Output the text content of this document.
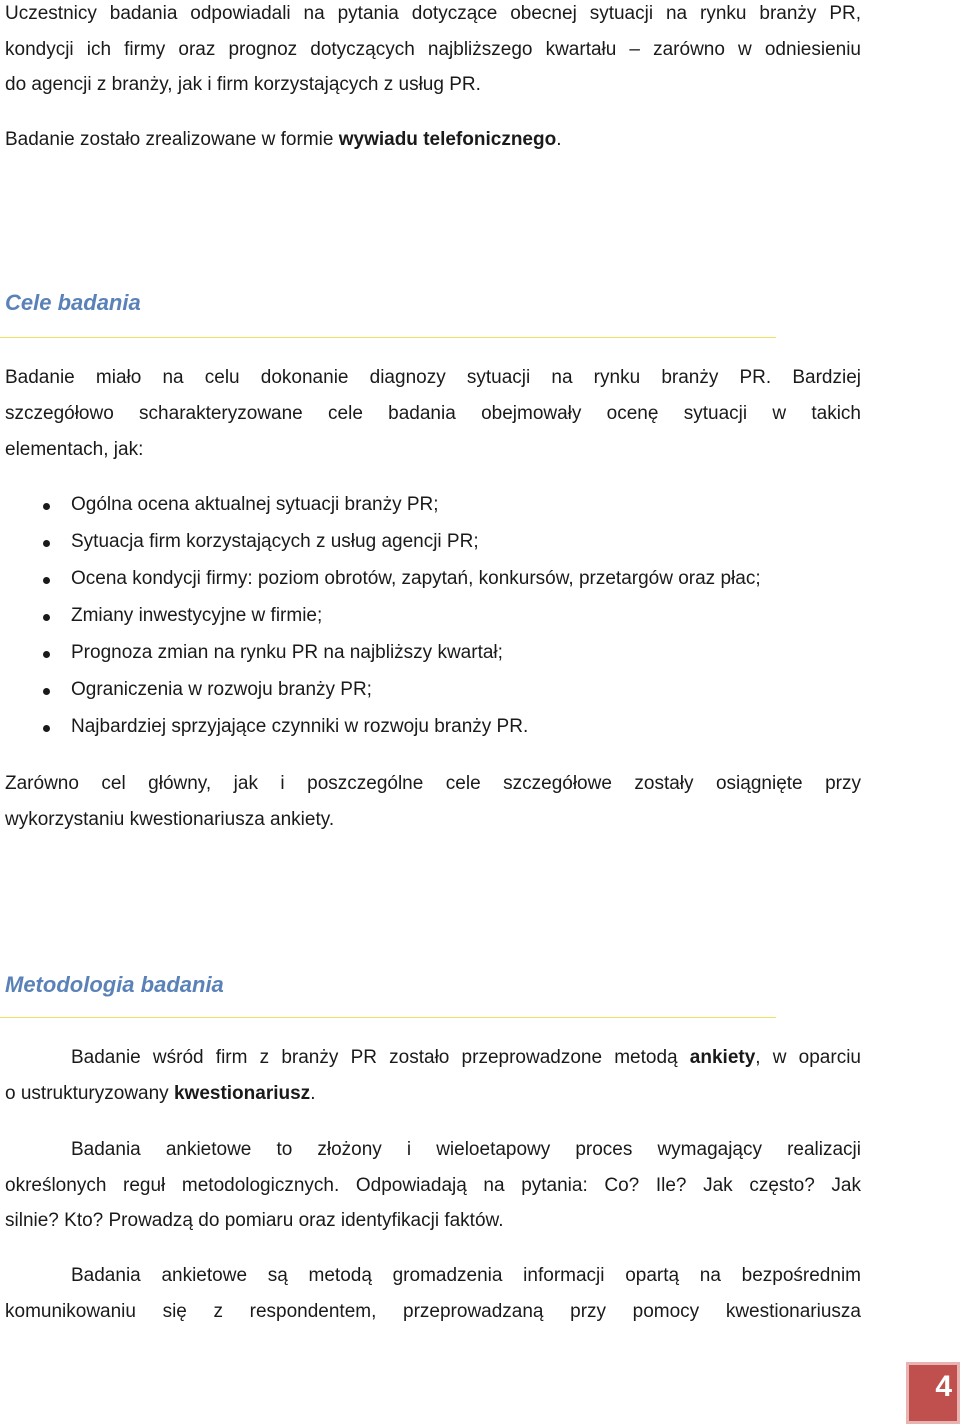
Uczestnicy badania odpowiadali na pytania dotyczące obecnej sytuacji na rynku branży PR,
kondycji ich firmy oraz prognoz dotyczących najbliższego kwartału – zarówno w odniesieniu
do agencji z branży, jak i firm korzystających z usług PR.
Badanie zostało zrealizowane w formie wywiadu telefonicznego.
Cele badania
Badanie miało na celu dokonanie diagnozy sytuacji na rynku branży PR. Bardziej
szczegółowo scharakteryzowane cele badania obejmowały ocenę sytuacji w takich
elementach, jak:
Ogólna ocena aktualnej sytuacji branży PR;
Sytuacja firm korzystających z usług agencji PR;
Ocena kondycji firmy: poziom obrotów, zapytań, konkursów, przetargów oraz płac;
Zmiany inwestycyjne w firmie;
Prognoza zmian na rynku PR na najbliższy kwartał;
Ograniczenia w rozwoju branży PR;
Najbardziej sprzyjające czynniki w rozwoju branży PR.
Zarówno cel główny, jak i poszczególne cele szczegółowe zostały osiągnięte przy
wykorzystaniu kwestionariusza ankiety.
Metodologia badania
Badanie wśród firm z branży PR zostało przeprowadzone metodą ankiety, w oparciu
o ustrukturyzowany kwestionariusz.
Badania ankietowe to złożony i wieloetapowy proces wymagający realizacji
określonych reguł metodologicznych. Odpowiadają na pytania: Co? Ile? Jak często? Jak
silnie? Kto? Prowadzą do pomiaru oraz identyfikacji faktów.
Badania ankietowe są metodą gromadzenia informacji opartą na bezpośrednim
komunikowaniu się z respondentem, przeprowadzaną przy pomocy kwestionariusza
4
